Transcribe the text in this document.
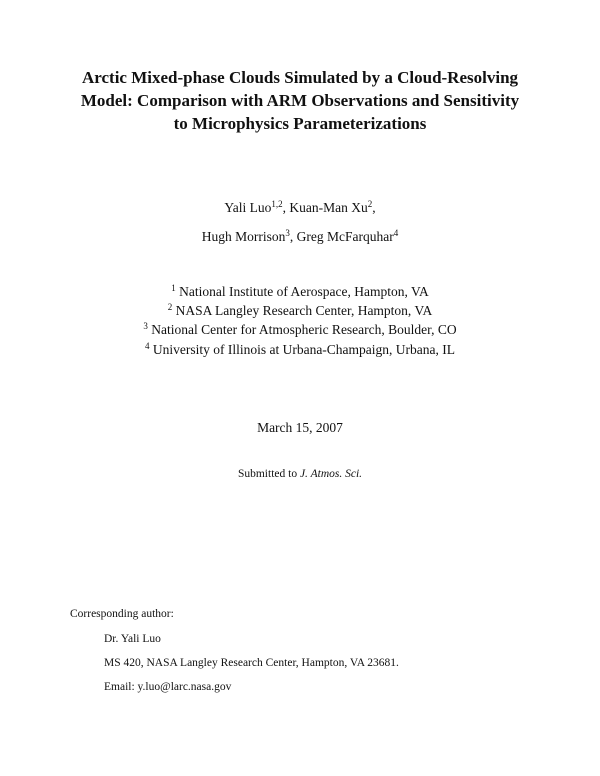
Arctic Mixed-phase Clouds Simulated by a Cloud-Resolving
Model: Comparison with ARM Observations and Sensitivity
to Microphysics Parameterizations
Yali Luo$^{1,2}$, Kuan-Man Xu$^2$,
Hugh Morrison$^3$, Greg McFarquhar$^4$
$^1$ National Institute of Aerospace, Hampton, VA
$^2$ NASA Langley Research Center, Hampton, VA
$^3$ National Center for Atmospheric Research, Boulder, CO
$^4$ University of Illinois at Urbana-Champaign, Urbana, IL
March 15, 2007
Submitted to J. Atmos. Sci.
Corresponding author:
Dr. Yali Luo
MS 420, NASA Langley Research Center, Hampton, VA 23681.
Email: y.luo@larc.nasa.gov
